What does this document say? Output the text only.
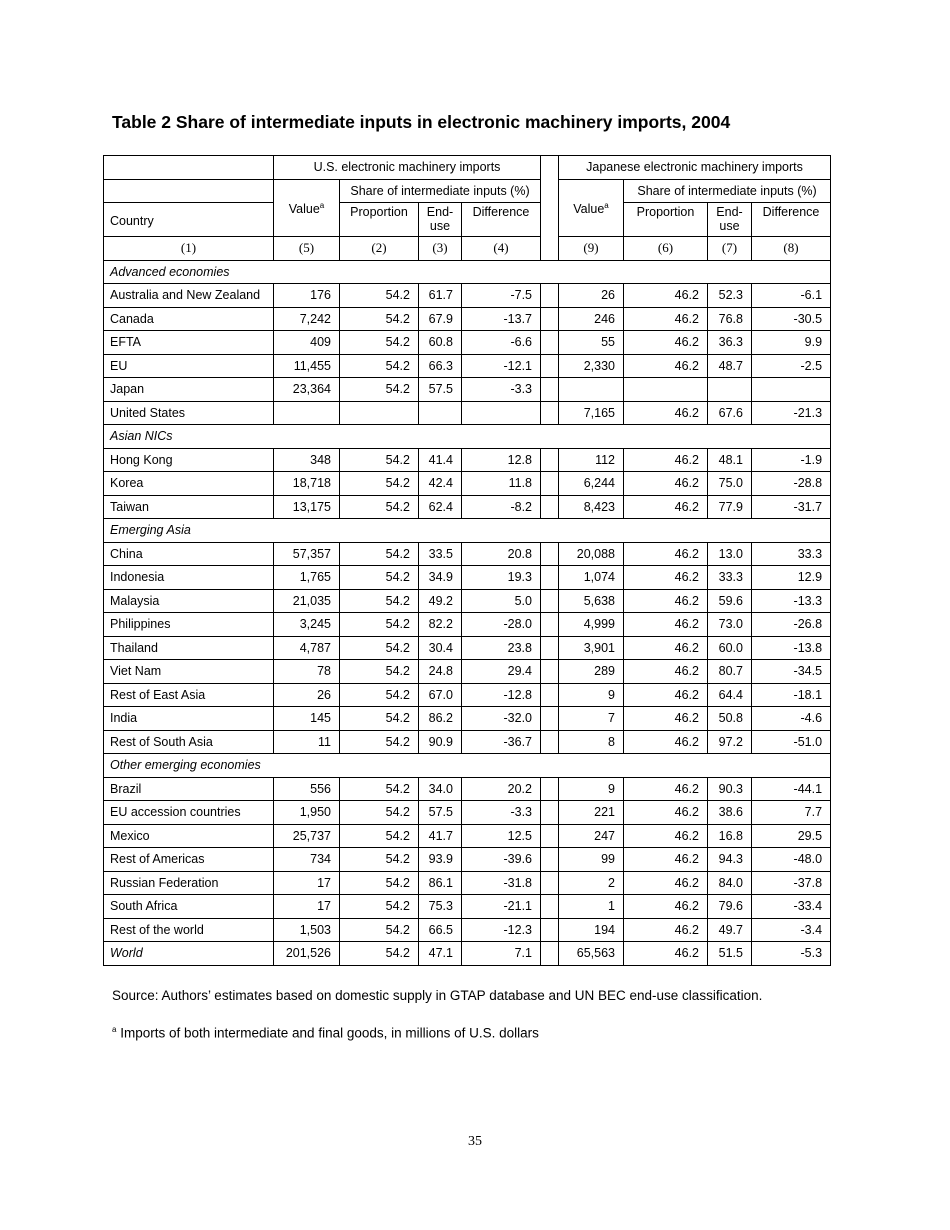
Table 2 Share of intermediate inputs in electronic machinery imports, 2004
	U.S. electronic machinery imports					Japanese electronic machinery imports			
	Value$^a$	Share of intermediate inputs (%)				Value$^a$	Share of intermediate inputs (%)		
Country		Proportion	End-use	Difference			Proportion	End-use	Difference
(1)	(5)	(2)	(3)	(4)		(9)	(6)	(7)	(8)
Advanced economies									
Australia and New Zealand	176	54.2	61.7	-7.5		26	46.2	52.3	-6.1
Canada	7,242	54.2	67.9	-13.7		246	46.2	76.8	-30.5
EFTA	409	54.2	60.8	-6.6		55	46.2	36.3	9.9
EU	11,455	54.2	66.3	-12.1		2,330	46.2	48.7	-2.5
Japan	23,364	54.2	57.5	-3.3					
United States						7,165	46.2	67.6	-21.3
Asian NICs									
Hong Kong	348	54.2	41.4	12.8		112	46.2	48.1	-1.9
Korea	18,718	54.2	42.4	11.8		6,244	46.2	75.0	-28.8
Taiwan	13,175	54.2	62.4	-8.2		8,423	46.2	77.9	-31.7
Emerging Asia									
China	57,357	54.2	33.5	20.8		20,088	46.2	13.0	33.3
Indonesia	1,765	54.2	34.9	19.3		1,074	46.2	33.3	12.9
Malaysia	21,035	54.2	49.2	5.0		5,638	46.2	59.6	-13.3
Philippines	3,245	54.2	82.2	-28.0		4,999	46.2	73.0	-26.8
Thailand	4,787	54.2	30.4	23.8		3,901	46.2	60.0	-13.8
Viet Nam	78	54.2	24.8	29.4		289	46.2	80.7	-34.5
Rest of East Asia	26	54.2	67.0	-12.8		9	46.2	64.4	-18.1
India	145	54.2	86.2	-32.0		7	46.2	50.8	-4.6
Rest of South Asia	11	54.2	90.9	-36.7		8	46.2	97.2	-51.0
Other emerging economies									
Brazil	556	54.2	34.0	20.2		9	46.2	90.3	-44.1
EU accession countries	1,950	54.2	57.5	-3.3		221	46.2	38.6	7.7
Mexico	25,737	54.2	41.7	12.5		247	46.2	16.8	29.5
Rest of Americas	734	54.2	93.9	-39.6		99	46.2	94.3	-48.0
Russian Federation	17	54.2	86.1	-31.8		2	46.2	84.0	-37.8
South Africa	17	54.2	75.3	-21.1		1	46.2	79.6	-33.4
Rest of the world	1,503	54.2	66.5	-12.3		194	46.2	49.7	-3.4
World	201,526	54.2	47.1	7.1		65,563	46.2	51.5	-5.3
Source: Authors’ estimates based on domestic supply in GTAP database and UN BEC end-use classification.
$^a$ Imports of both intermediate and final goods, in millions of U.S. dollars
35
